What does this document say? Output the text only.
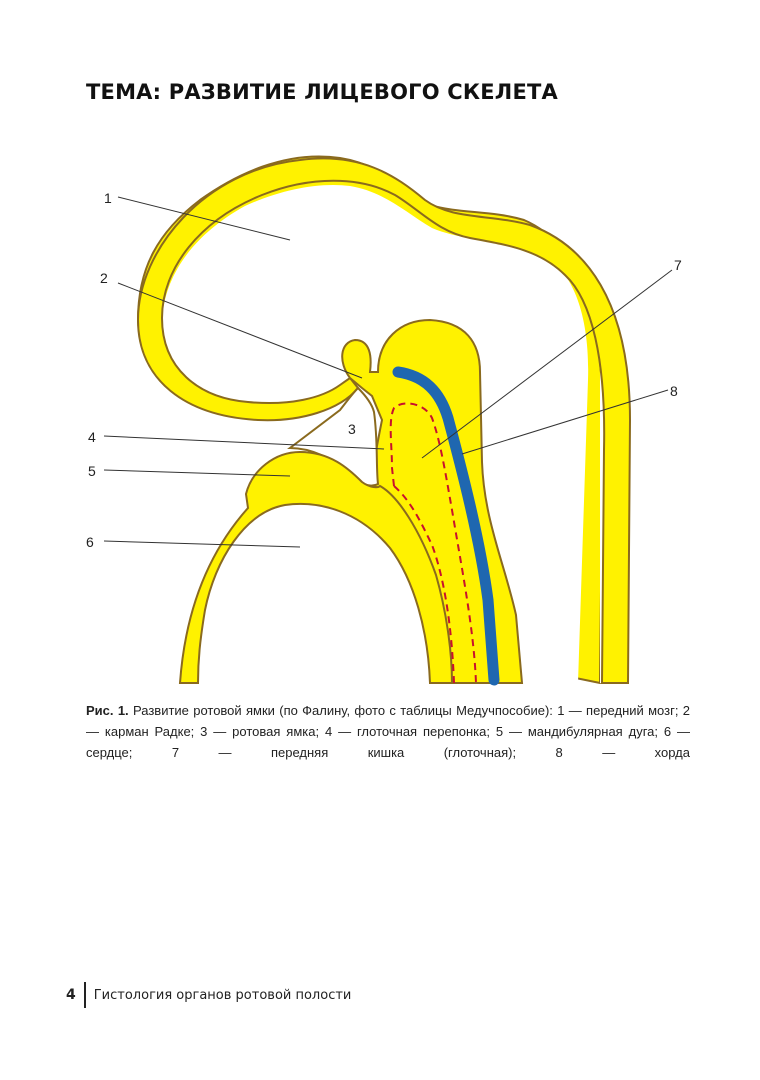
ТЕМА: РАЗВИТИЕ ЛИЦЕВОГО СКЕЛЕТА
1
2
3
4
5
6
7
8
Рис. 1. Развитие ротовой ямки (по Фалину, фото с таблицы Медучпособие): 1 — передний мозг; 2 — карман Радке; 3 — ротовая ямка; 4 — глоточная перепонка; 5 — мандибулярная дуга; 6 — сердце; 7 — передняя кишка (глоточная); 8 — хорда
4	Гистология органов ротовой полости
